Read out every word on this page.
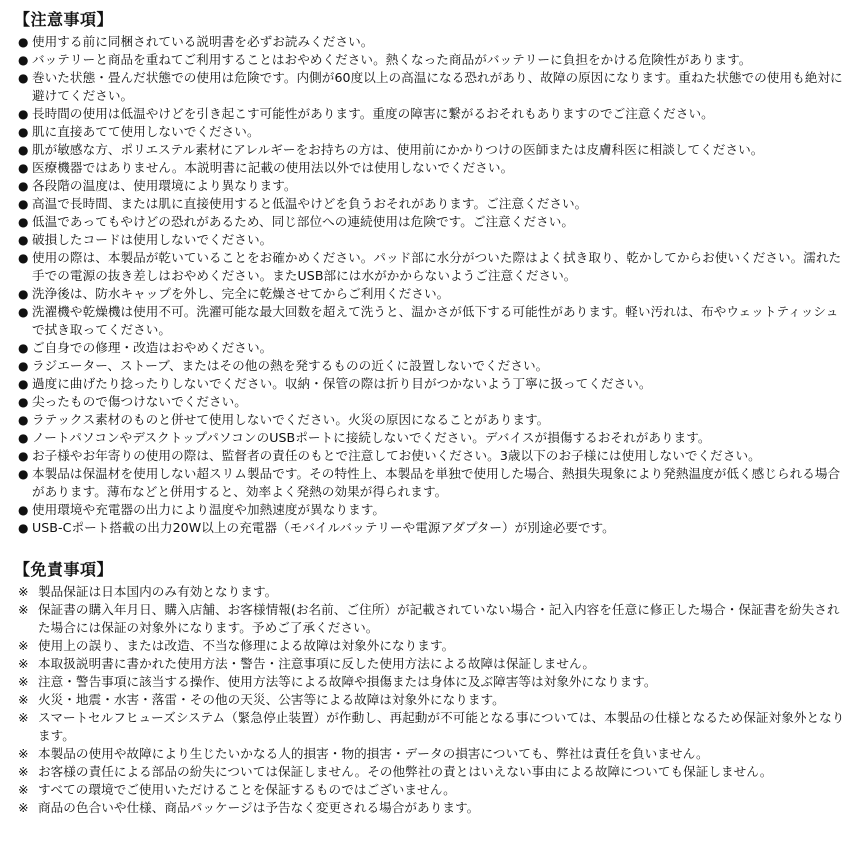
【注意事項】
● 使用する前に同梱されている説明書を必ずお読みください。
● バッテリーと商品を重ねてご利用することはおやめください。熱くなった商品がバッテリーに負担をかける危険性があります。
● 巻いた状態・畳んだ状態での使用は危険です。内側が60度以上の高温になる恐れがあり、故障の原因になります。重ねた状態での使用も絶対に避けてください。
● 長時間の使用は低温やけどを引き起こす可能性があります。重度の障害に繋がるおそれもありますのでご注意ください。
● 肌に直接あてて使用しないでください。
● 肌が敏感な方、ポリエステル素材にアレルギーをお持ちの方は、使用前にかかりつけの医師または皮膚科医に相談してください。
● 医療機器ではありません。本説明書に記載の使用法以外では使用しないでください。
● 各段階の温度は、使用環境により異なります。
● 高温で長時間、または肌に直接使用すると低温やけどを負うおそれがあります。ご注意ください。
● 低温であってもやけどの恐れがあるため、同じ部位への連続使用は危険です。ご注意ください。
● 破損したコードは使用しないでください。
● 使用の際は、本製品が乾いていることをお確かめください。パッド部に水分がついた際はよく拭き取り、乾かしてからお使いください。濡れた手での電源の抜き差しはおやめください。またUSB部には水がかからないようご注意ください。
● 洗浄後は、防水キャップを外し、完全に乾燥させてからご利用ください。
● 洗濯機や乾燥機は使用不可。洗濯可能な最大回数を超えて洗うと、温かさが低下する可能性があります。軽い汚れは、布やウェットティッシュで拭き取ってください。
● ご自身での修理・改造はおやめください。
● ラジエーター、ストーブ、またはその他の熱を発するものの近くに設置しないでください。
● 過度に曲げたり捻ったりしないでください。収納・保管の際は折り目がつかないよう丁寧に扱ってください。
● 尖ったもので傷つけないでください。
● ラテックス素材のものと併せて使用しないでください。火災の原因になることがあります。
● ノートパソコンやデスクトップパソコンのUSBポートに接続しないでください。デバイスが損傷するおそれがあります。
● お子様やお年寄りの使用の際は、監督者の責任のもとで注意してお使いください。3歳以下のお子様には使用しないでください。
● 本製品は保温材を使用しない超スリム製品です。その特性上、本製品を単独で使用した場合、熱損失現象により発熱温度が低く感じられる場合があります。薄布などと併用すると、効率よく発熱の効果が得られます。
● 使用環境や充電器の出力により温度や加熱速度が異なります。
● USB-Cポート搭載の出力20W以上の充電器（モバイルバッテリーや電源アダプター）が別途必要です。
【免責事項】
※ 製品保証は日本国内のみ有効となります。
※ 保証書の購入年月日、購入店舗、お客様情報(お名前、ご住所）が記載されていない場合・記入内容を任意に修正した場合・保証書を紛失された場合には保証の対象外になります。予めご了承ください。
※ 使用上の誤り、または改造、不当な修理による故障は対象外になります。
※ 本取扱説明書に書かれた使用方法・警告・注意事項に反した使用方法による故障は保証しません。
※ 注意・警告事項に該当する操作、使用方法等による故障や損傷または身体に及ぶ障害等は対象外になります。
※ 火災・地震・水害・落雷・その他の天災、公害等による故障は対象外になります。
※ スマートセルフヒューズシステム（緊急停止装置）が作動し、再起動が不可能となる事については、本製品の仕様となるため保証対象外となります。
※ 本製品の使用や故障により生じたいかなる人的損害・物的損害・データの損害についても、弊社は責任を負いません。
※ お客様の責任による部品の紛失については保証しません。その他弊社の責とはいえない事由による故障についても保証しません。
※ すべての環境でご使用いただけることを保証するものではございません。
※ 商品の色合いや仕様、商品パッケージは予告なく変更される場合があります。
